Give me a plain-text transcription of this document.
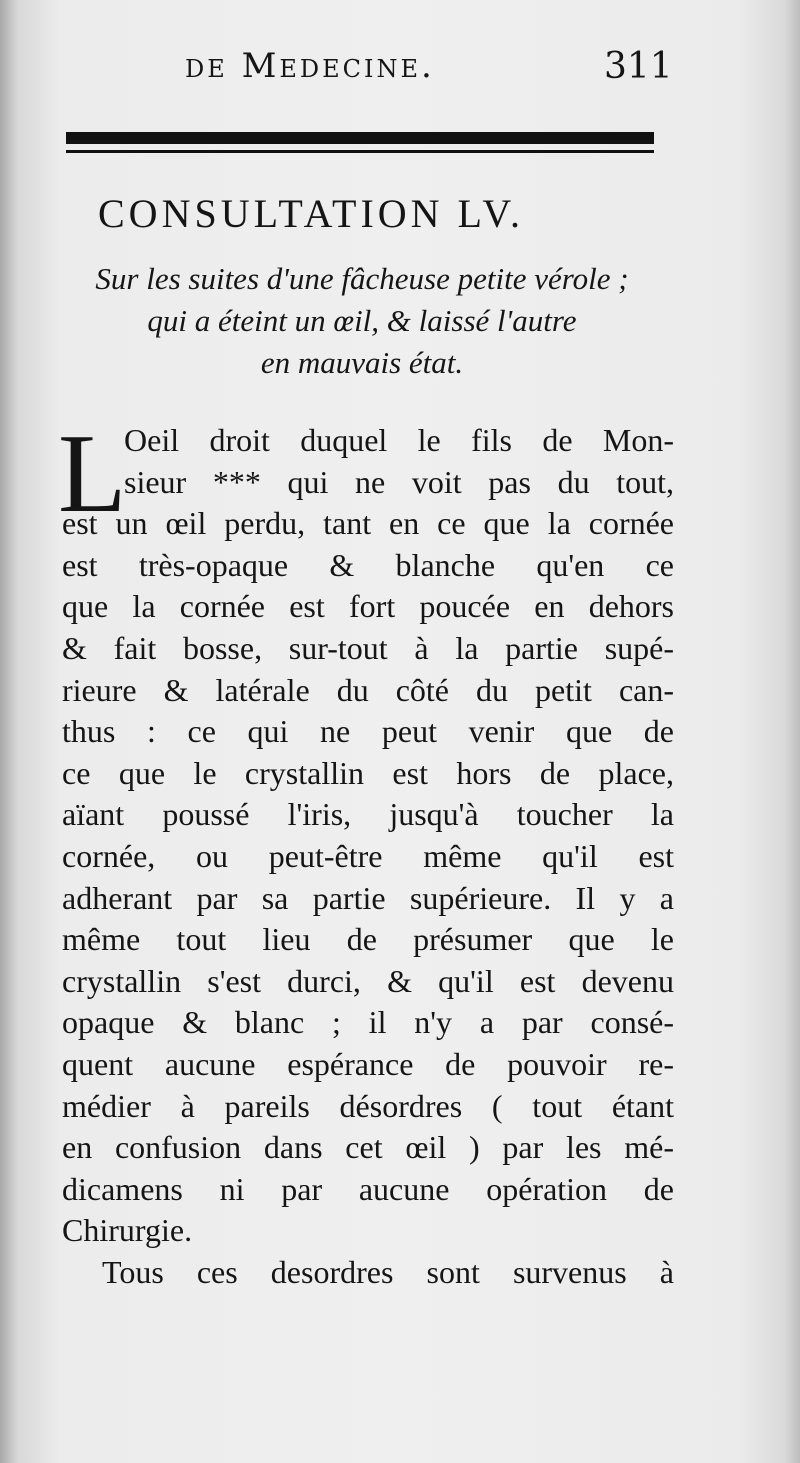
de Medecine.	311
CONSULTATION LV.
Sur les suites d'une fâcheuse petite vérole ;
qui a éteint un œil, & laissé l'autre
en mauvais état.
L
Oeil droit duquel le fils de Mon-
sieur *** qui ne voit pas du tout,
est un œil perdu, tant en ce que la cornée
est très-opaque & blanche qu'en ce
que la cornée est fort poucée en dehors
& fait bosse, sur-tout à la partie supé-
rieure & latérale du côté du petit can-
thus : ce qui ne peut venir que de
ce que le crystallin est hors de place,
aïant poussé l'iris, jusqu'à toucher la
cornée, ou peut-être même qu'il est
adherant par sa partie supérieure. Il y a
même tout lieu de présumer que le
crystallin s'est durci, & qu'il est devenu
opaque & blanc ; il n'y a par consé-
quent aucune espérance de pouvoir re-
médier à pareils désordres ( tout étant
en confusion dans cet œil ) par les mé-
dicamens ni par aucune opération de
Chirurgie.
Tous ces desordres sont survenus à
